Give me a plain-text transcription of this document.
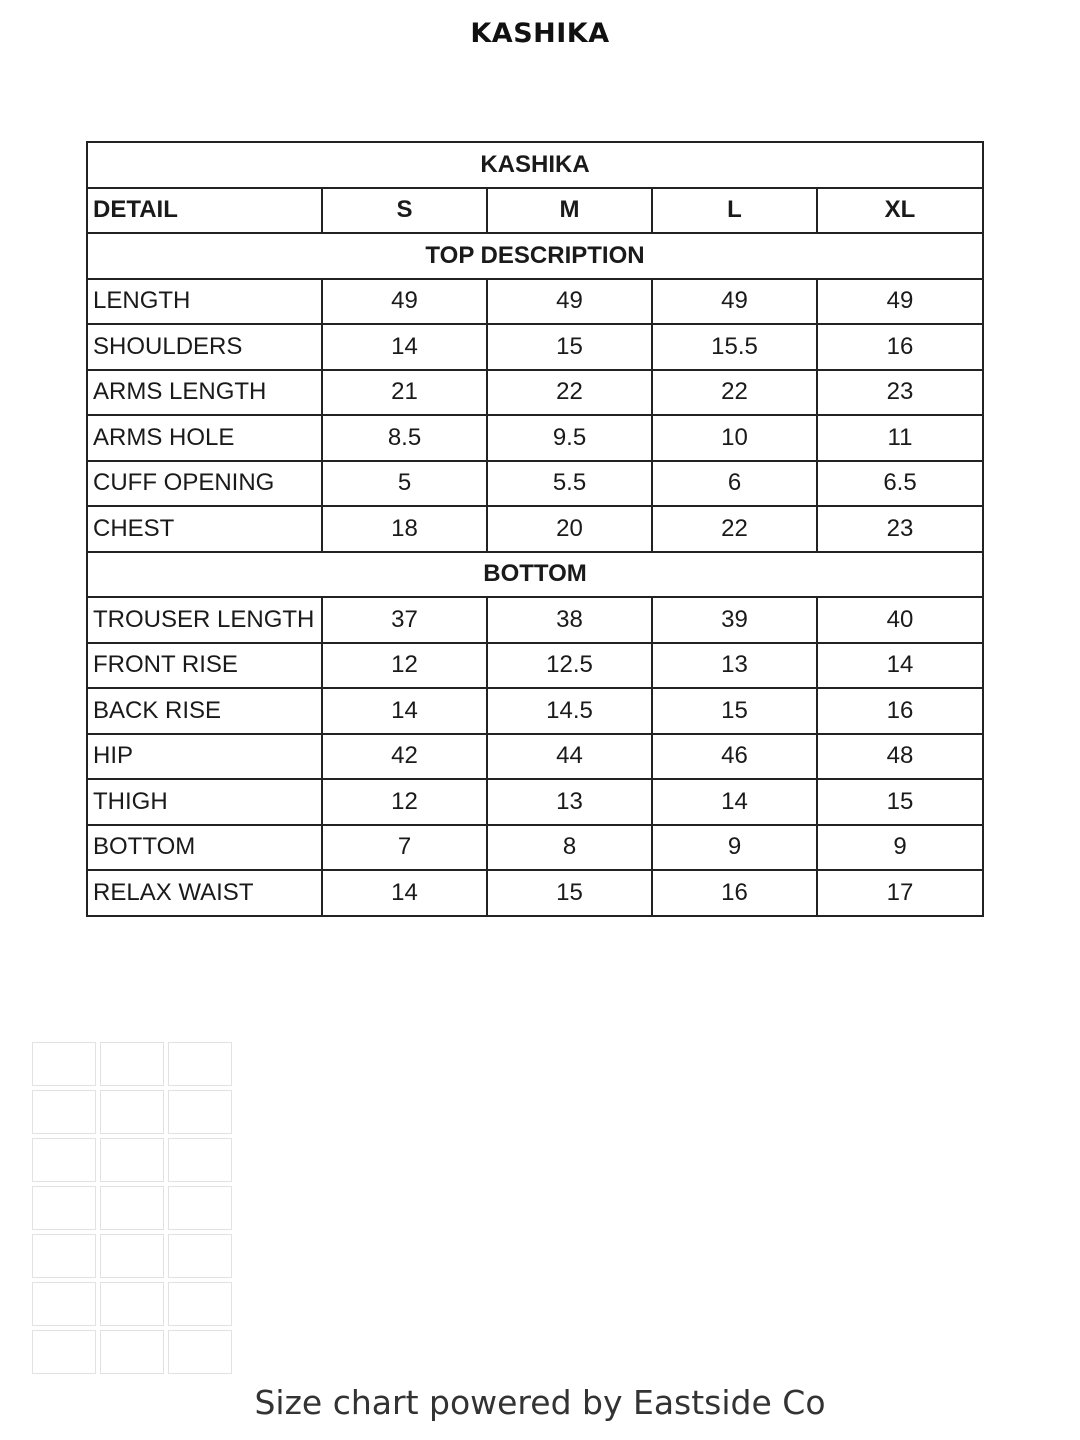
KASHIKA
KASHIKA				
DETAIL	S	M	L	XL
TOP DESCRIPTION				
LENGTH	49	49	49	49
SHOULDERS	14	15	15.5	16
ARMS LENGTH	21	22	22	23
ARMS HOLE	8.5	9.5	10	11
CUFF OPENING	5	5.5	6	6.5
CHEST	18	20	22	23
BOTTOM				
TROUSER LENGTH	37	38	39	40
FRONT RISE	12	12.5	13	14
BACK RISE	14	14.5	15	16
HIP	42	44	46	48
THIGH	12	13	14	15
BOTTOM	7	8	9	9
RELAX WAIST	14	15	16	17
Size chart powered by Eastside Co
